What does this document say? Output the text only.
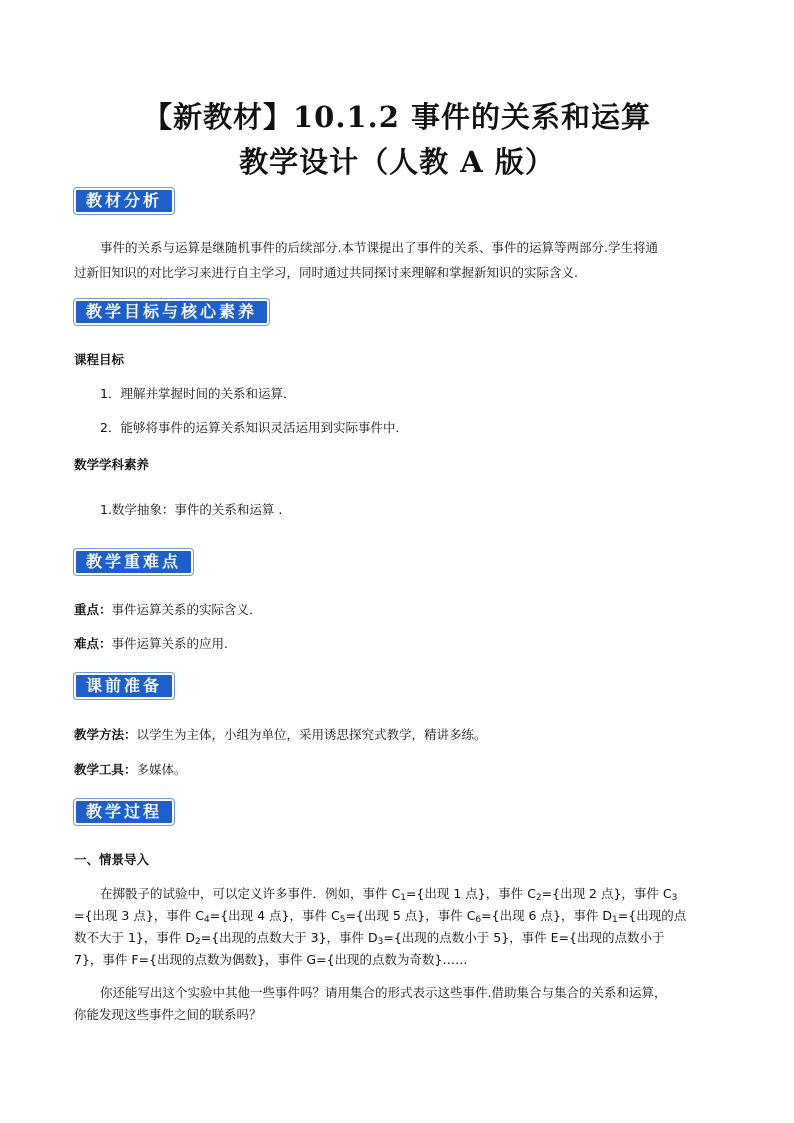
【新教材】10.1.2 事件的关系和运算
教学设计（人教 A 版）
教材分析
事件的关系与运算是继随机事件的后续部分.本节课提出了事件的关系、事件的运算等两部分.学生将通
过新旧知识的对比学习来进行自主学习，同时通过共同探讨来理解和掌握新知识的实际含义.
教学目标与核心素养
课程目标
1．理解并掌握时间的关系和运算．
2．能够将事件的运算关系知识灵活运用到实际事件中．
数学学科素养
1.数学抽象：事件的关系和运算 .
教学重难点
重点：事件运算关系的实际含义．
难点：事件运算关系的应用.
课前准备
教学方法：以学生为主体，小组为单位，采用诱思探究式教学，精讲多练。
教学工具：多媒体。
教学过程
一、情景导入
在掷骰子的试验中，可以定义许多事件．例如，事件 $C_1=${出现 1 点}，事件 $C_2=${出现 2 点}，事件 $C_3$
={出现 3 点}，事件 $C_4=${出现 4 点}，事件 $C_5=${出现 5 点}，事件 $C_6=${出现 6 点}，事件 $D_1=${出现的点
数不大于 1}，事件 $D_2=${出现的点数大于 3}，事件 $D_3=${出现的点数小于 5}，事件 E={出现的点数小于
7}，事件 F={出现的点数为偶数}，事件 G={出现的点数为奇数}……
你还能写出这个实验中其他一些事件吗？请用集合的形式表示这些事件.借助集合与集合的关系和运算，
你能发现这些事件之间的联系吗？
